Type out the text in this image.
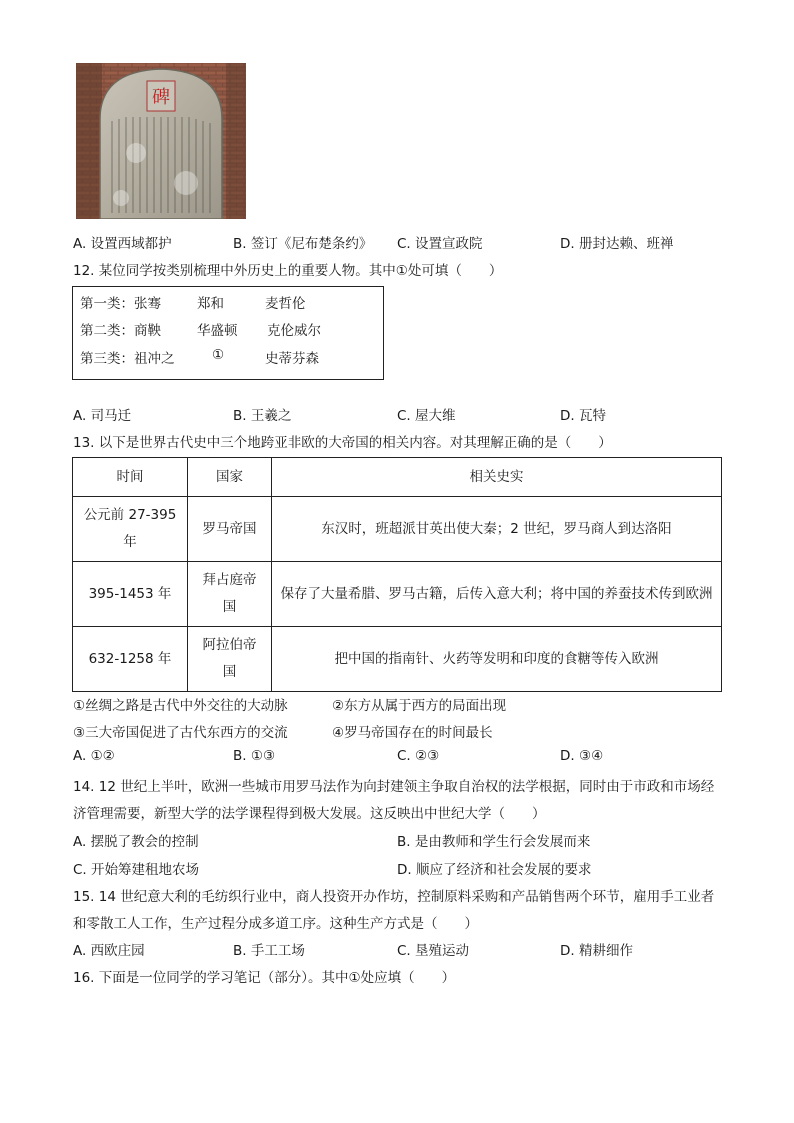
碑
A. 设置西域都护	B. 签订《尼布楚条约》 C. 设置宣政院	D. 册封达赖、班禅
12. 某位同学按类别梳理中外历史上的重要人物。其中①处可填（　　）
第一类：张骞	郑和	麦哲伦
第二类：商鞅	华盛顿 克伦威尔
第三类：祖冲之	①	史蒂芬森
A. 司马迁	B. 王羲之	C. 屋大维	D. 瓦特
13. 以下是世界古代史中三个地跨亚非欧的大帝国的相关内容。对其理解正确的是（　　）
时间	国家	相关史实
公元前 27-395 年	罗马帝国	东汉时，班超派甘英出使大秦；2 世纪，罗马商人到达洛阳
395-1453 年	拜占庭帝国	保存了大量希腊、罗马古籍，后传入意大利；将中国的养蚕技术传到欧洲
632-1258 年	阿拉伯帝国	把中国的指南针、火药等发明和印度的食糖等传入欧洲
①丝绸之路是古代中外交往的大动脉	②东方从属于西方的局面出现
③三大帝国促进了古代东西方的交流	④罗马帝国存在的时间最长
A. ①②	B. ①③	C. ②③	D. ③④
14. 12 世纪上半叶，欧洲一些城市用罗马法作为向封建领主争取自治权的法学根据，同时由于市政和市场经
济管理需要，新型大学的法学课程得到极大发展。这反映出中世纪大学（　　）
A. 摆脱了教会的控制	B. 是由教师和学生行会发展而来
C. 开始筹建租地农场	D. 顺应了经济和社会发展的要求
15. 14 世纪意大利的毛纺织行业中，商人投资开办作坊，控制原料采购和产品销售两个环节，雇用手工业者
和零散工人工作，生产过程分成多道工序。这种生产方式是（　　）
A. 西欧庄园	B. 手工工场	C. 垦殖运动	D. 精耕细作
16. 下面是一位同学的学习笔记（部分）。其中①处应填（　　）
